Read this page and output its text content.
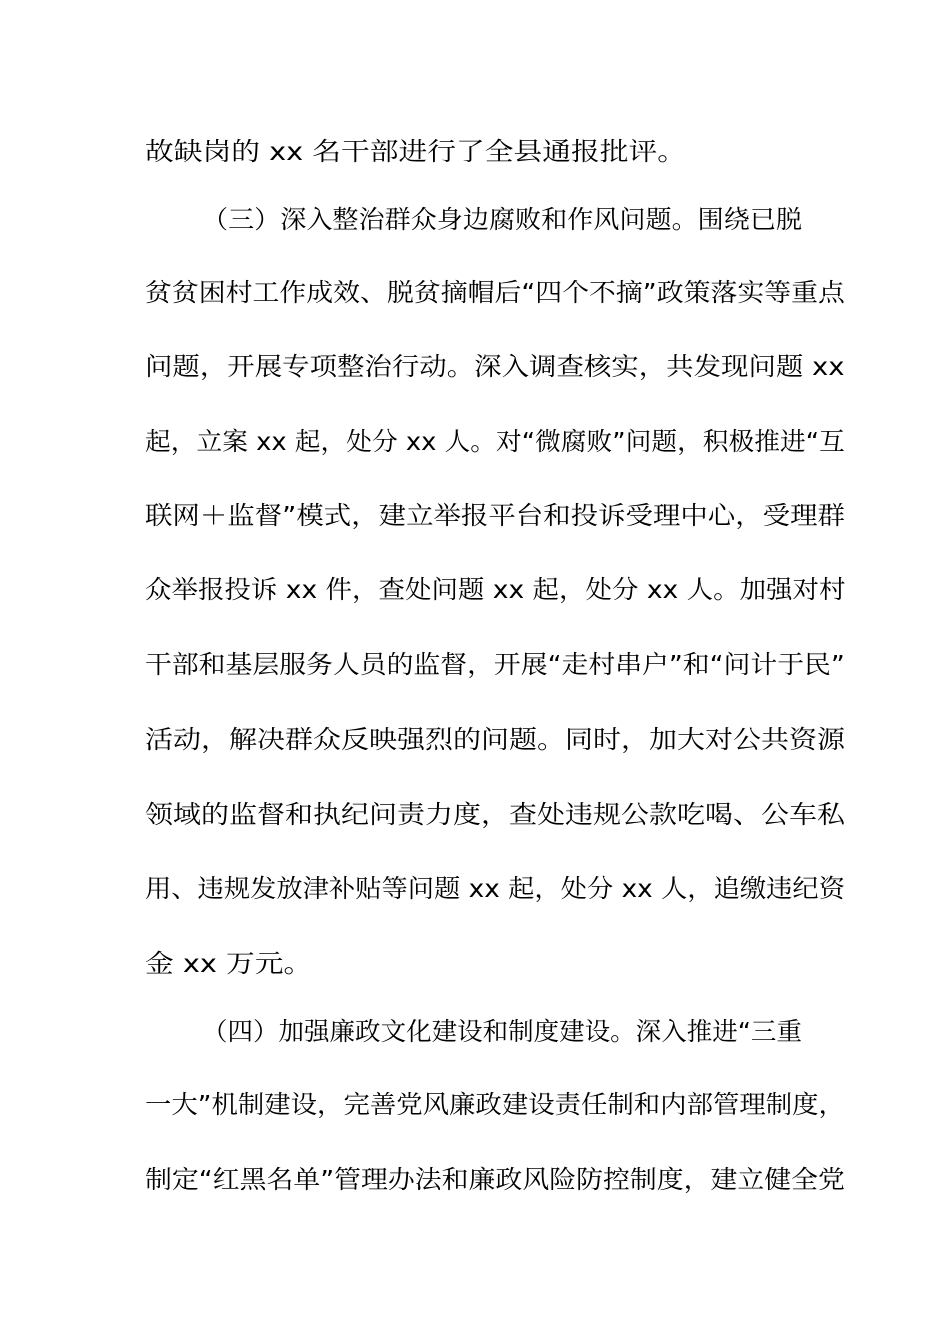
故缺岗的 xx 名干部进行了全县通报批评。
（三）深入整治群众身边腐败和作风问题。围绕已脱
贫贫困村工作成效、脱贫摘帽后“四个不摘”政策落实等重点
问题，开展专项整治行动。深入调查核实，共发现问题 xx
起，立案 xx 起，处分 xx 人。对“微腐败”问题，积极推进“互
联网＋监督”模式，建立举报平台和投诉受理中心，受理群
众举报投诉 xx 件，查处问题 xx 起，处分 xx 人。加强对村
干部和基层服务人员的监督，开展“走村串户”和“问计于民”
活动，解决群众反映强烈的问题。同时，加大对公共资源
领域的监督和执纪问责力度，查处违规公款吃喝、公车私
用、违规发放津补贴等问题 xx 起，处分 xx 人，追缴违纪资
金 xx 万元。
（四）加强廉政文化建设和制度建设。深入推进“三重
一大”机制建设，完善党风廉政建设责任制和内部管理制度，
制定“红黑名单”管理办法和廉政风险防控制度，建立健全党
